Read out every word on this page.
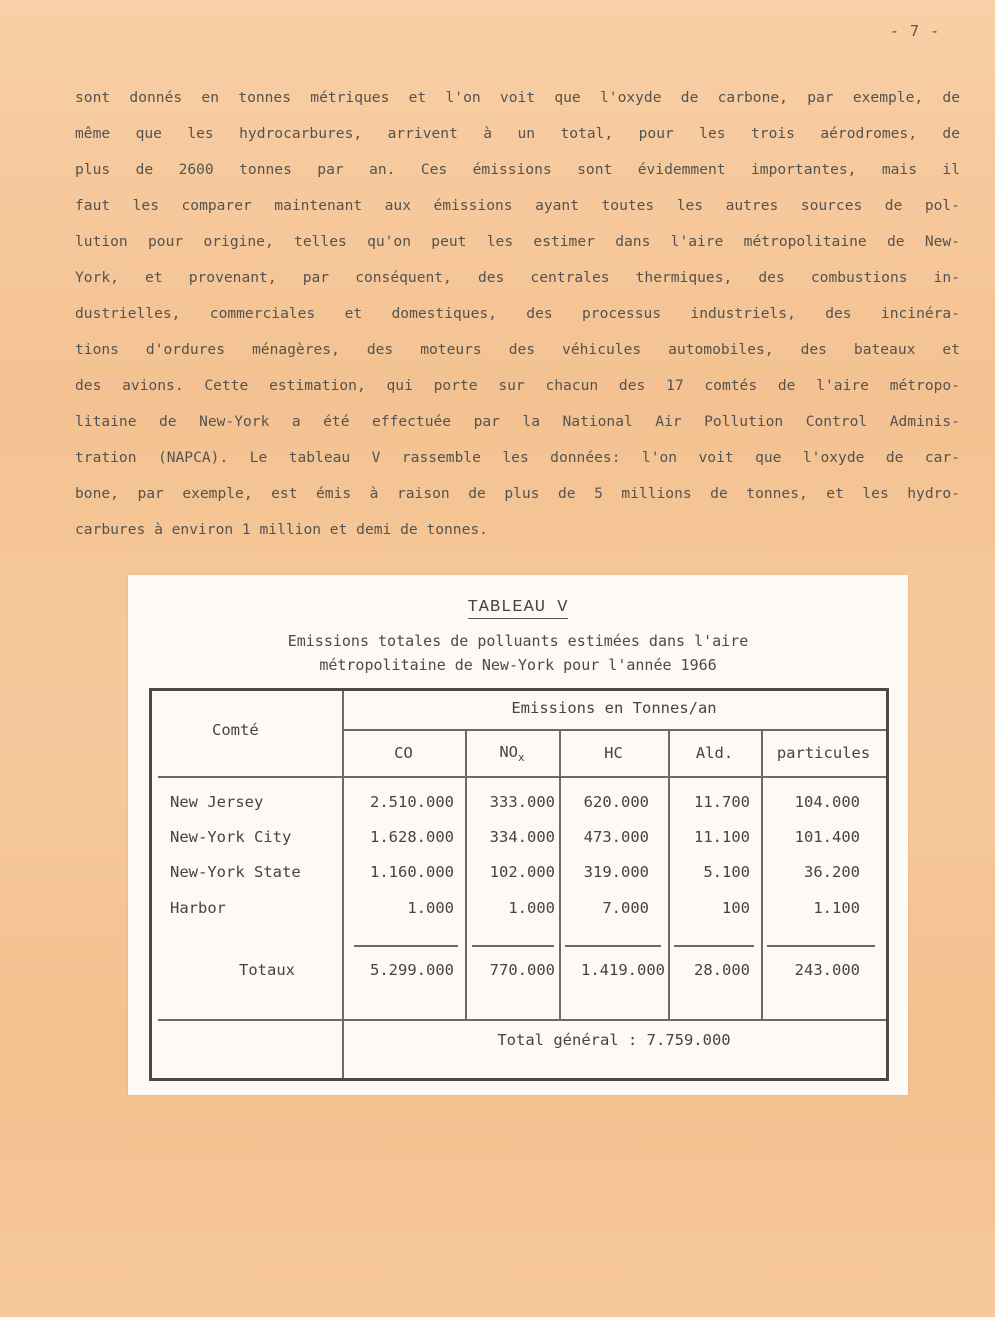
- 7 -
sont donnés en tonnes métriques et l'on voit que l'oxyde de carbone, par exemple, de
même que les hydrocarbures, arrivent à un total, pour les trois aérodromes, de
plus de 2600 tonnes par an. Ces émissions sont évidemment importantes, mais il
faut les comparer maintenant aux émissions ayant toutes les autres sources de pol-
lution pour origine, telles qu'on peut les estimer dans l'aire métropolitaine de New-
York, et provenant, par conséquent, des centrales thermiques, des combustions in-
dustrielles, commerciales et domestiques, des processus industriels, des incinéra-
tions d'ordures ménagères, des moteurs des véhicules automobiles, des bateaux et
des avions. Cette estimation, qui porte sur chacun des 17 comtés de l'aire métropo-
litaine de New-York a été effectuée par la National Air Pollution Control Adminis-
tration (NAPCA). Le tableau V rassemble les données: l'on voit que l'oxyde de car-
bone, par exemple, est émis à raison de plus de 5 millions de tonnes, et les hydro-
carbures à environ 1 million et demi de tonnes.
TABLEAU V
Emissions totales de polluants estimées dans l'aire
métropolitaine de New-York pour l'année 1966
Comté
Emissions en Tonnes/an
CO	$NO_x$	HC	Ald.	particules
New Jersey	2.510.000	333.000	620.000	11.700	104.000
New-York City	1.628.000	334.000	473.000	11.100	101.400
New-York State	1.160.000	102.000	319.000	5.100	36.200
Harbor	1.000	1.000	7.000	100	1.100
Totaux	5.299.000	770.000	1.419.000	28.000	243.000
Total général : 7.759.000
